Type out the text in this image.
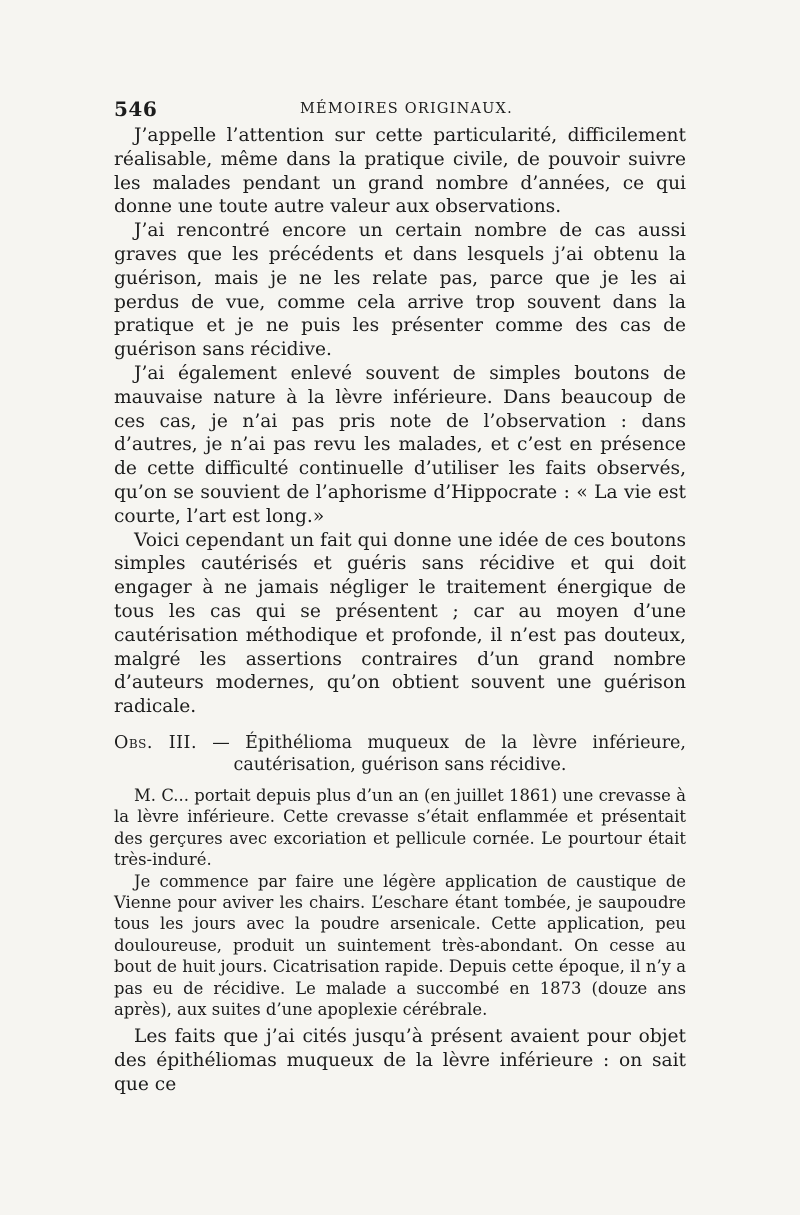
546	MÉMOIRES ORIGINAUX.

J’appelle l’attention sur cette particularité, difficilement réalisable, même dans la pratique civile, de pouvoir suivre les malades pendant un grand nombre d’années, ce qui donne une toute autre valeur aux observations.

J’ai rencontré encore un certain nombre de cas aussi graves que les précédents et dans lesquels j’ai obtenu la guérison, mais je ne les relate pas, parce que je les ai perdus de vue, comme cela arrive trop souvent dans la pratique et je ne puis les présenter comme des cas de guérison sans récidive.

J’ai également enlevé souvent de simples boutons de mauvaise nature à la lèvre inférieure. Dans beaucoup de ces cas, je n’ai pas pris note de l’observation : dans d’autres, je n’ai pas revu les malades, et c’est en présence de cette difficulté continuelle d’utiliser les faits observés, qu’on se souvient de l’aphorisme d’Hippocrate : « La vie est courte, l’art est long.»

Voici cependant un fait qui donne une idée de ces boutons simples cautérisés et guéris sans récidive et qui doit engager à ne jamais négliger le traitement énergique de tous les cas qui se présentent ; car au moyen d’une cautérisation méthodique et profonde, il n’est pas douteux, malgré les assertions contraires d’un grand nombre d’auteurs modernes, qu’on obtient souvent une guérison radicale.

Obs. III. — Épithélioma muqueux de la lèvre inférieure, cautérisation, guérison sans récidive.

M. C... portait depuis plus d’un an (en juillet 1861) une crevasse à la lèvre inférieure. Cette crevasse s’était enflammée et présentait des gerçures avec excoriation et pellicule cornée. Le pourtour était très-induré.

Je commence par faire une légère application de caustique de Vienne pour aviver les chairs. L’eschare étant tombée, je saupoudre tous les jours avec la poudre arsenicale. Cette application, peu douloureuse, produit un suintement très-abondant. On cesse au bout de huit jours. Cicatrisation rapide. Depuis cette époque, il n’y a pas eu de récidive. Le malade a succombé en 1873 (douze ans après), aux suites d’une apoplexie cérébrale.

Les faits que j’ai cités jusqu’à présent avaient pour objet des épithéliomas muqueux de la lèvre inférieure : on sait que ce
